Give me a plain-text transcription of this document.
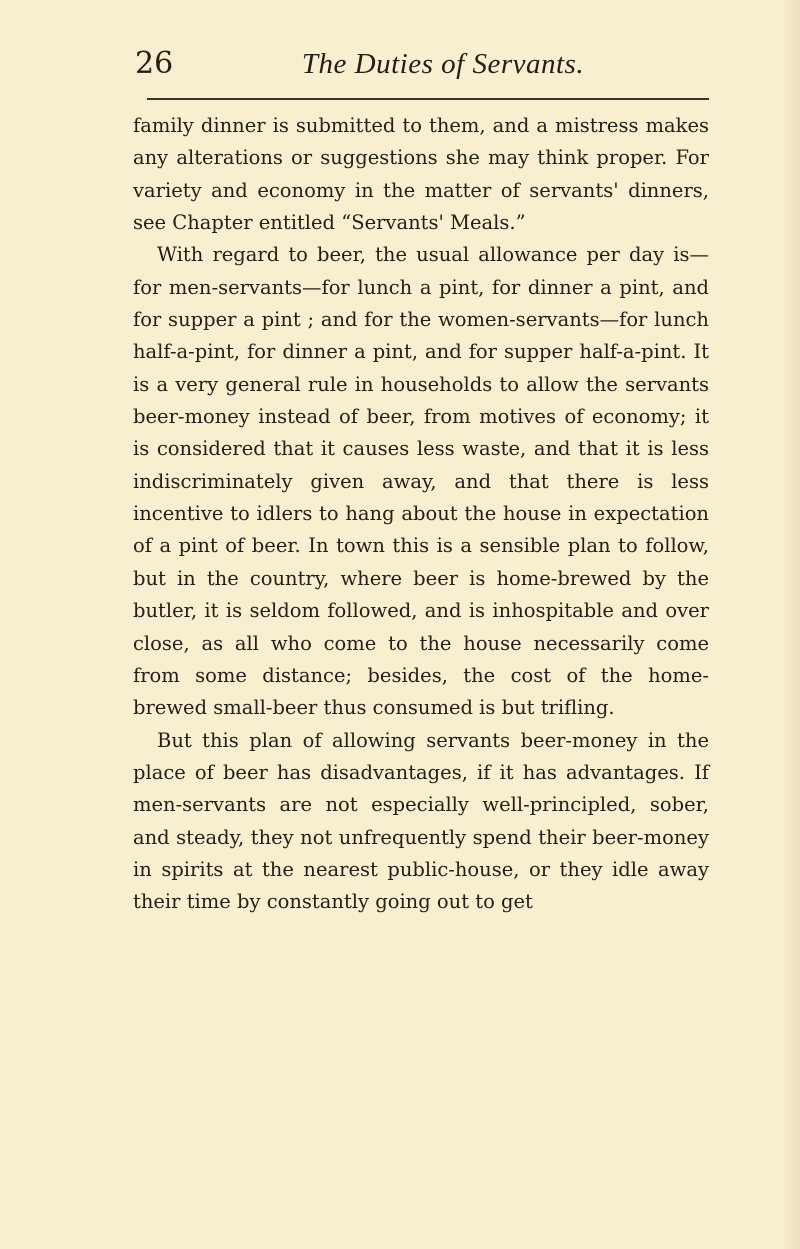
26	The Duties of Servants.

family dinner is submitted to them, and a mistress makes any alterations or suggestions she may think proper. For variety and economy in the matter of servants' dinners, see Chapter entitled “Servants' Meals.”

With regard to beer, the usual allowance per day is—for men-servants—for lunch a pint, for dinner a pint, and for supper a pint ; and for the women-servants—for lunch half-a-pint, for dinner a pint, and for supper half-a-pint. It is a very general rule in households to allow the servants beer-money instead of beer, from motives of economy; it is considered that it causes less waste, and that it is less indiscriminately given away, and that there is less incentive to idlers to hang about the house in expectation of a pint of beer. In town this is a sensible plan to follow, but in the country, where beer is home-brewed by the butler, it is seldom followed, and is inhospitable and over close, as all who come to the house necessarily come from some distance; besides, the cost of the home-brewed small-beer thus consumed is but trifling.

But this plan of allowing servants beer-money in the place of beer has disadvantages, if it has advantages. If men-servants are not especially well-principled, sober, and steady, they not unfrequently spend their beer-money in spirits at the nearest public-house, or they idle away their time by constantly going out to get
